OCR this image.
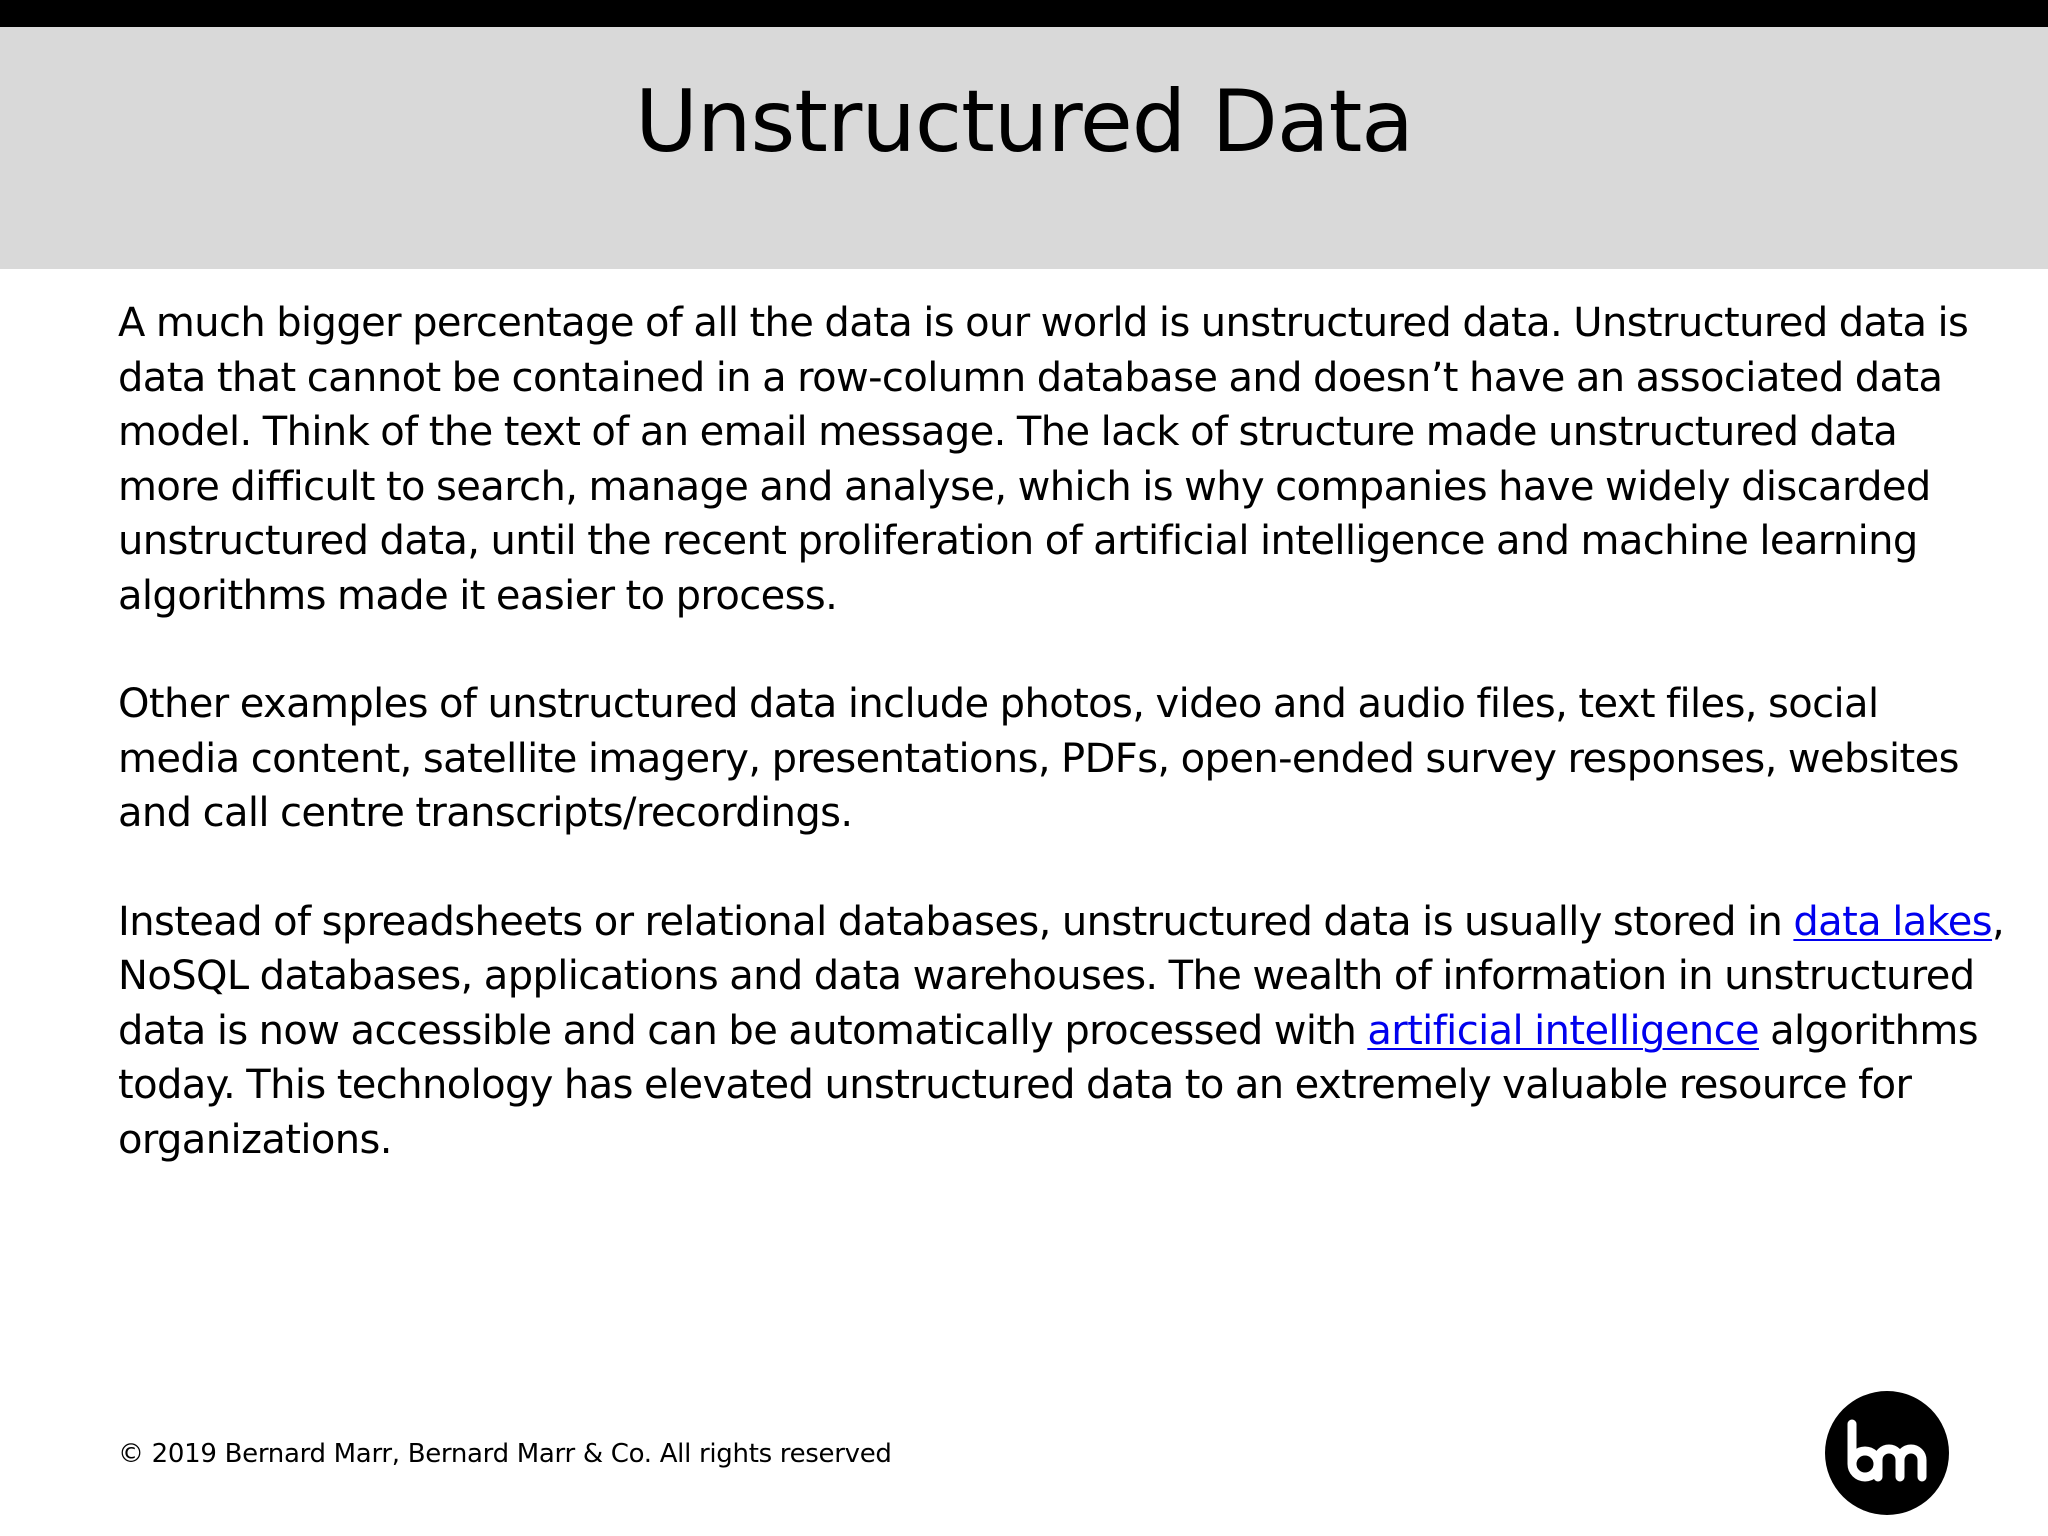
Unstructured Data

A much bigger percentage of all the data is our world is unstructured data. Unstructured data is data that cannot be contained in a row-column database and doesn’t have an associated data model. Think of the text of an email message. The lack of structure made unstructured data more difficult to search, manage and analyse, which is why companies have widely discarded unstructured data, until the recent proliferation of artificial intelligence and machine learning algorithms made it easier to process.

Other examples of unstructured data include photos, video and audio files, text files, social media content, satellite imagery, presentations, PDFs, open-ended survey responses, websites and call centre transcripts/recordings.

Instead of spreadsheets or relational databases, unstructured data is usually stored in data lakes, NoSQL databases, applications and data warehouses. The wealth of information in unstructured data is now accessible and can be automatically processed with artificial intelligence algorithms today. This technology has elevated unstructured data to an extremely valuable resource for organizations.

© 2019 Bernard Marr, Bernard Marr & Co. All rights reserved
